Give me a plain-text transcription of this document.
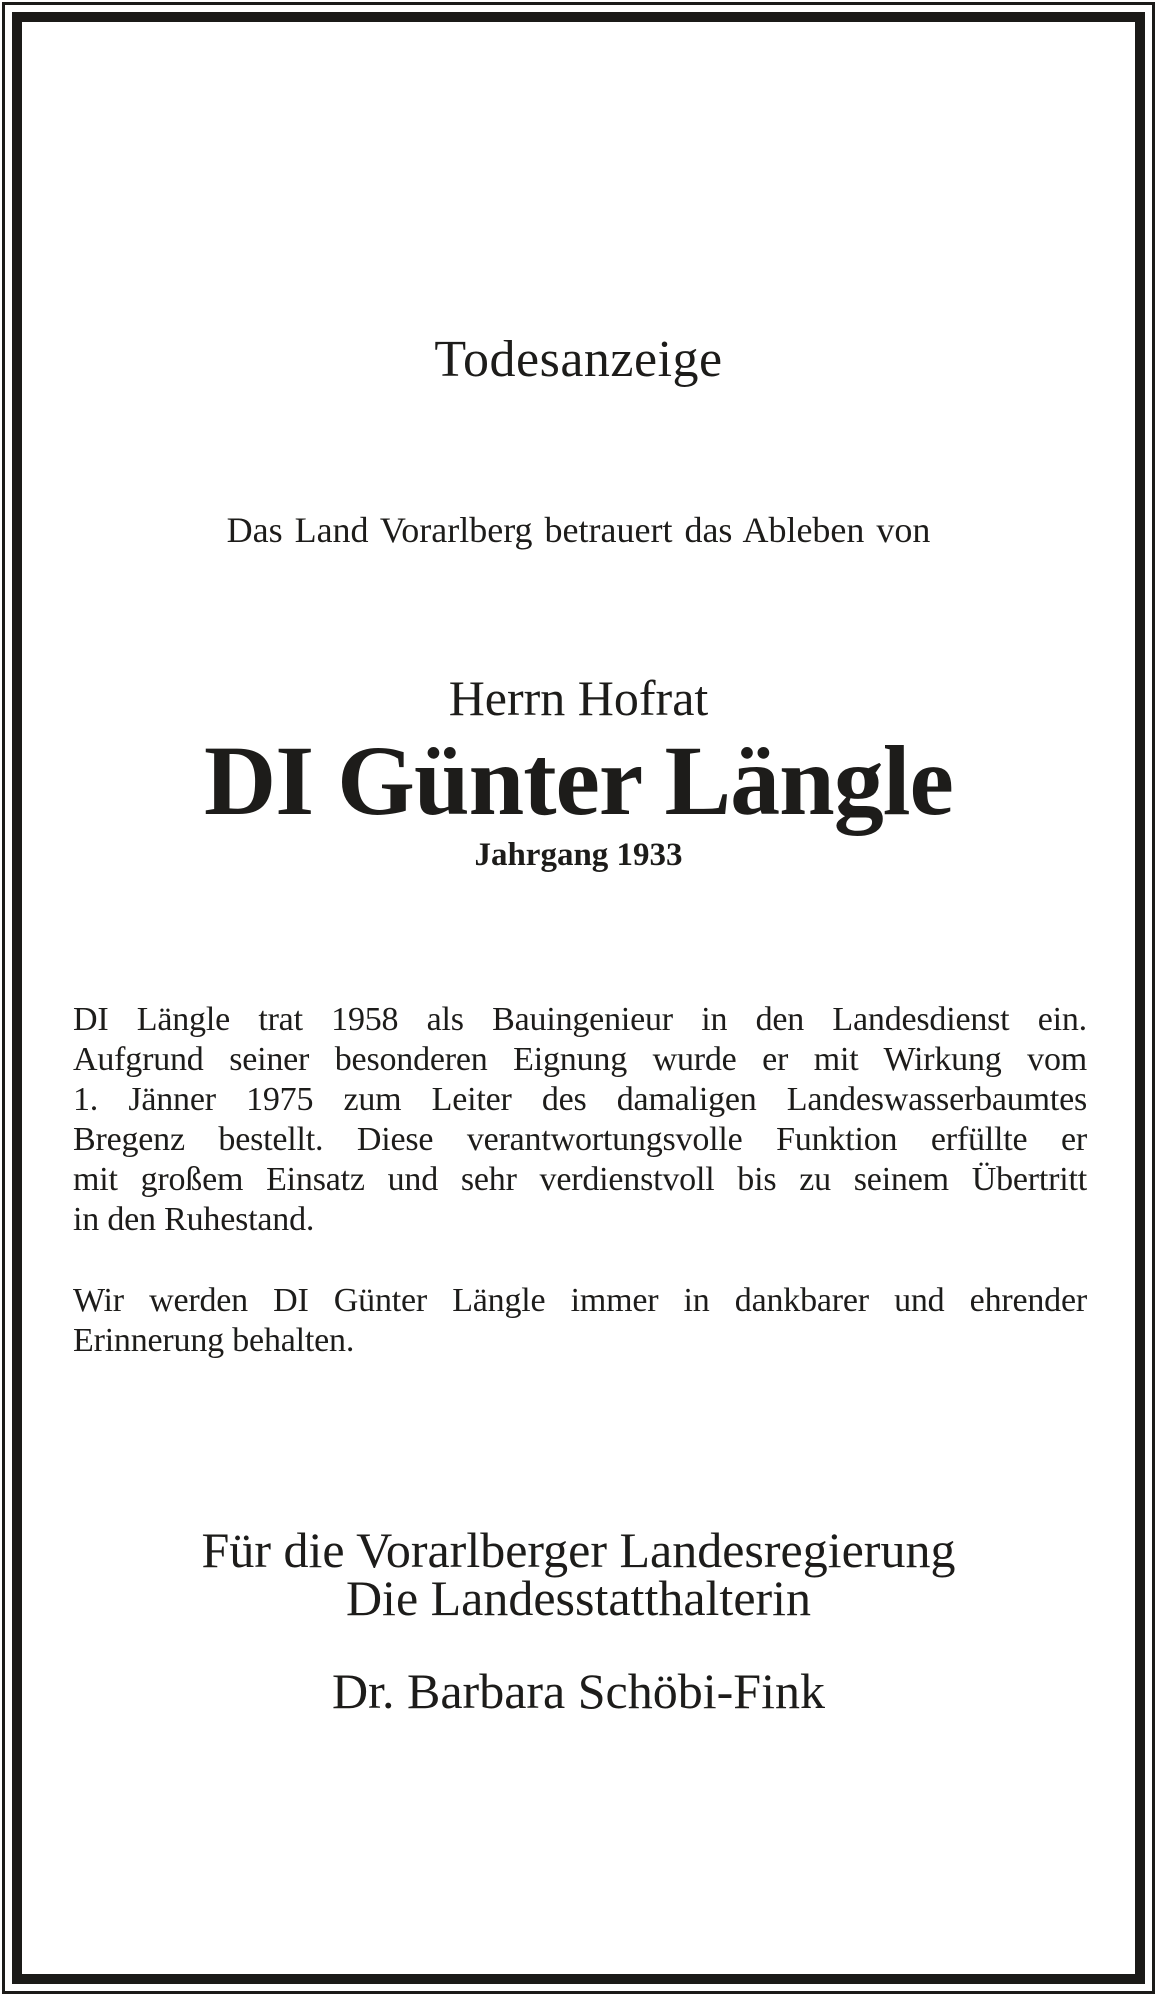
Todesanzeige
Das Land Vorarlberg betrauert das Ableben von
Herrn Hofrat
DI Günter Längle
Jahrgang 1933
DI Längle trat 1958 als Bauingenieur in den Landesdienst ein.
Aufgrund seiner besonderen Eignung wurde er mit Wirkung vom
1. Jänner 1975 zum Leiter des damaligen Landeswasserbaumtes
Bregenz bestellt. Diese verantwortungsvolle Funktion erfüllte er
mit großem Einsatz und sehr verdienstvoll bis zu seinem Übertritt
in den Ruhestand.
Wir werden DI Günter Längle immer in dankbarer und ehrender
Erinnerung behalten.
Für die Vorarlberger Landesregierung
Die Landesstatthalterin
Dr. Barbara Schöbi-Fink
